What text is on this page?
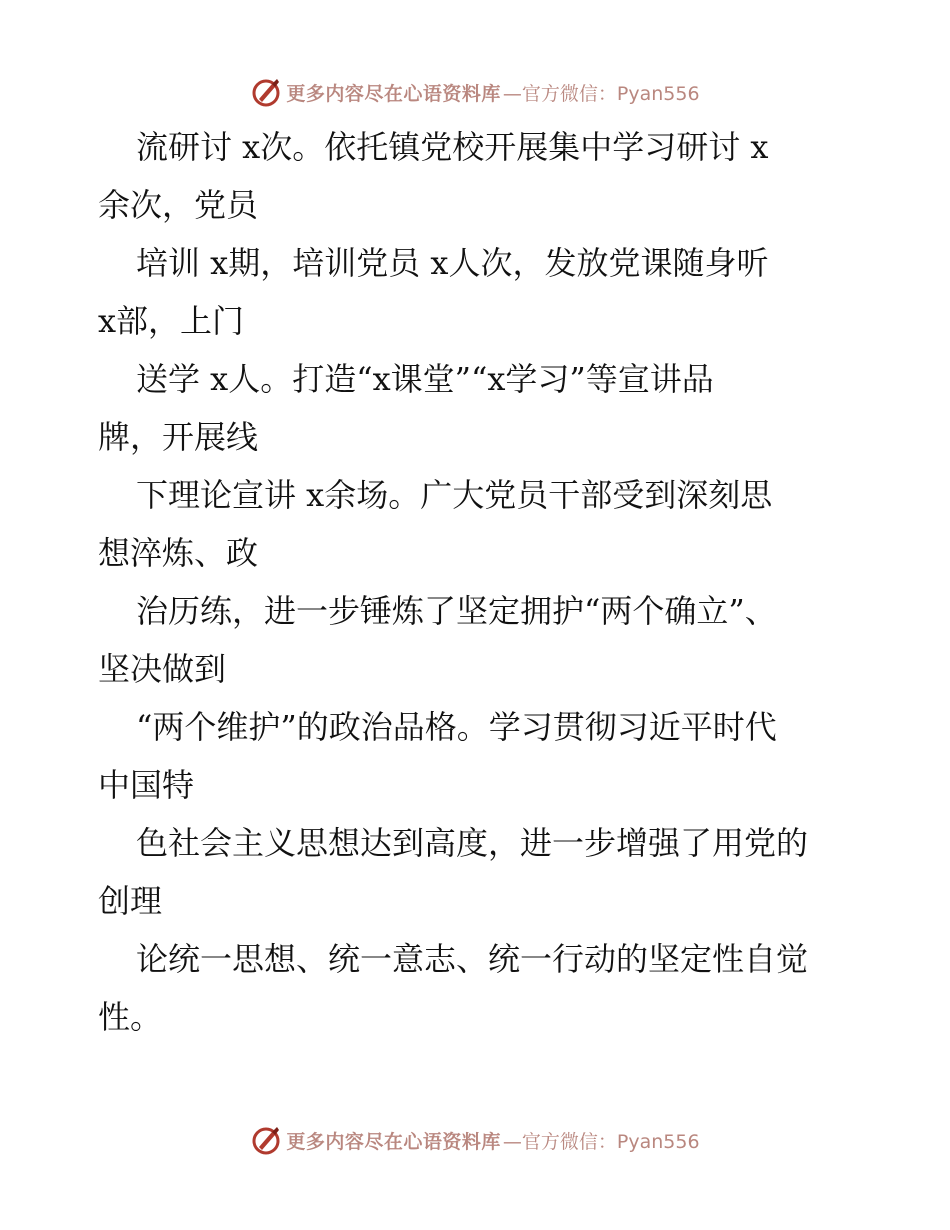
更多内容尽在心语资料库 —官方微信：Pyan556
流研讨 x次。依托镇党校开展集中学习研讨 x
余次，党员
培训 x期，培训党员 x人次，发放党课随身听
x部，上门
送学 x人。打造“x课堂”“x学习”等宣讲品
牌，开展线
下理论宣讲 x余场。广大党员干部受到深刻思
想淬炼、政
治历练，进一步锤炼了坚定拥护“两个确立”、
坚决做到
“两个维护”的政治品格。学习贯彻习近平时代
中国特
色社会主义思想达到高度，进一步增强了用党的
创理
论统一思想、统一意志、统一行动的坚定性自觉
性。
更多内容尽在心语资料库 —官方微信：Pyan556
